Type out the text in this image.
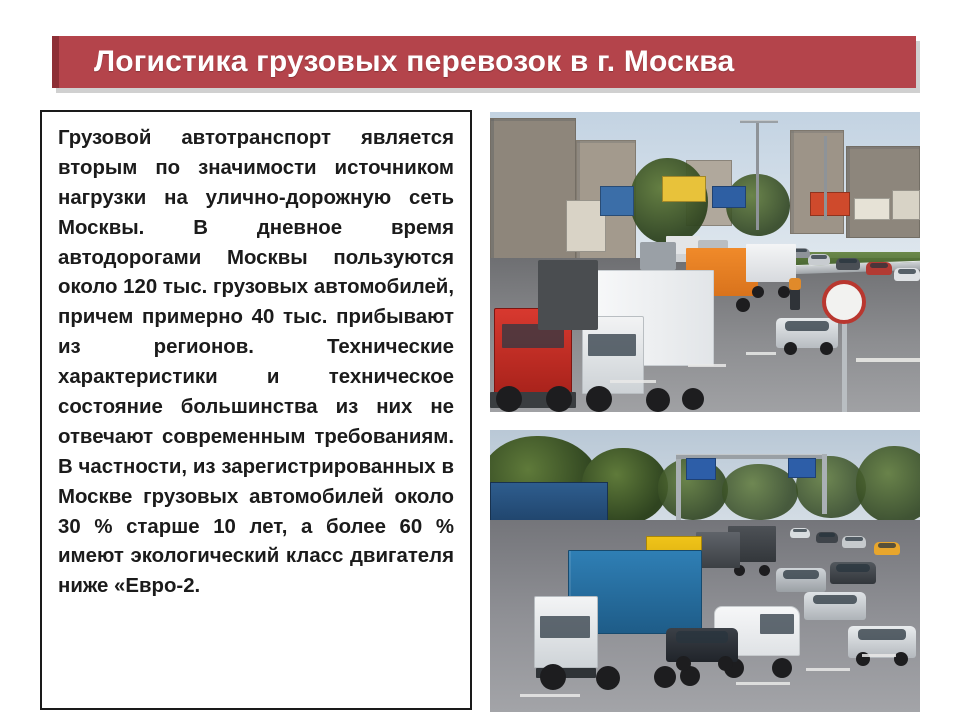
Логистика грузовых перевозок в г. Москва

Грузовой автотранспорт является вторым по значимости источником нагрузки на улично-дорожную сеть Москвы. В дневное время автодорогами Москвы пользуются около 120 тыс. грузовых автомобилей, причем примерно 40 тыс. прибывают из регионов. Технические характеристики и техническое состояние большинства из них не отвечают современным требованиям. В частности, из зарегистрированных в Москве грузовых автомобилей около 30 % старше 10 лет, а более 60 % имеют экологический класс двигателя ниже «Евро-2.
